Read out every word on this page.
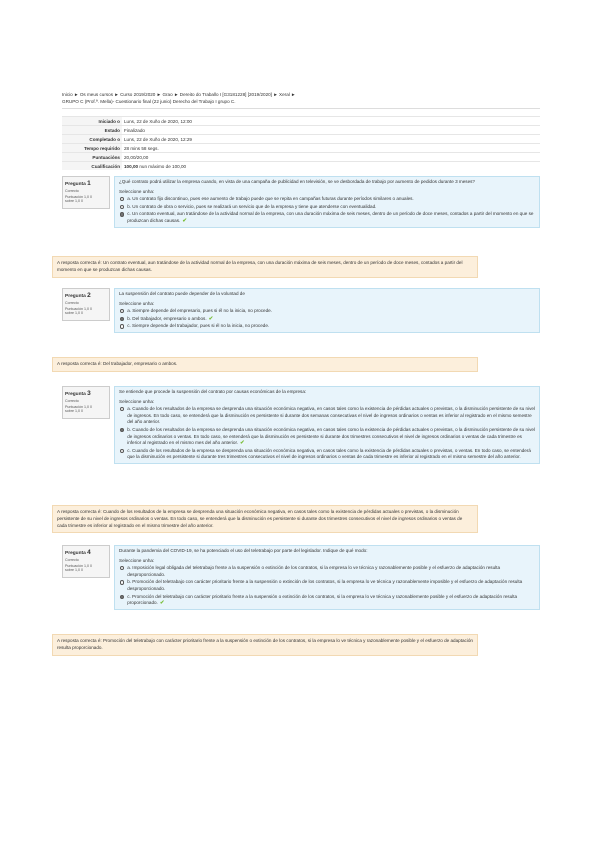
Inicio ► Os meus cursos ► Curso 2019/2020 ► Grao ► Dereito do Traballo I [G3181228] [2019/2020] ► Xeral ►
GRUPO C (Prof.ª. Mella)- Cuestionario final (22 junio) Derecho del Trabajo I grupo C.
Iniciado o	Luns, 22 de Xuño de 2020, 12:00
Estado	Finalizado
Completado o	Luns, 22 de Xuño de 2020, 12:29
Tempo requirido	28 mins 58 segs.
Puntuacións	20,00/20,00
Cualificación	100,00 nun máximo de 100,00
Pregunta 1
Correcto
Puntuación 1,0 0
sobre 1,0 0
¿Qué contrato podrá utilizar la empresa cuando, en vista de una campaña de publicidad en televisión, se ve desbordada de trabajo por aumento de pedidos durante 3 meses?
Seleccione unha:
a. Un contrato fijo discontinuo, pues ese aumento de trabajo puede que se repita en campañas futuras durante períodos similares o anuales.
b. Un contrato de obra o servicio, pues se realizará un servicio que de la empresa y tiene que atenderse con eventualidad.
c. Un contrato eventual, aun tratándose de la actividad normal de la empresa, con una duración máxima de seis meses, dentro de un período de doce meses, contados a partir del momento en que se produzcan dichas causas. ✔
A resposta correcta é: Un contrato eventual, aun tratándose de la actividad normal de la empresa, con una duración máxima de seis meses, dentro de un período de doce meses, contados a partir del momento en que se produzcan dichas causas.
Pregunta 2
Correcto
Puntuación 1,0 0
sobre 1,0 0
La suspensión del contrato puede depender de la voluntad de
Seleccione unha:
a. Siempre depende del empresario, pues si él no la inicia, no procede.
b. Del trabajador, empresario o ambos. ✔
c. Siempre depende del trabajador, pues si él no la inicia, no procede.
A resposta correcta é: Del trabajador, empresario o ambos.
Pregunta 3
Correcto
Puntuación 1,0 0
sobre 1,0 0
Se entiende que procede la suspensión del contrato por causas económicas de la empresa:
Seleccione unha:
a. Cuando de los resultados de la empresa se desprenda una situación económica negativa, en casos tales como la existencia de pérdidas actuales o previstas, o la disminución persistente de su nivel de ingresos. En todo caso, se entenderá que la disminución es persistente si durante dos semanas consecutivas el nivel de ingresos ordinarios o ventas es inferior al registrado en el mismo semestre del año anterior.
b. Cuando de los resultados de la empresa se desprenda una situación económica negativa, en casos tales como la existencia de pérdidas actuales o previstas, o la disminución persistente de su nivel de ingresos ordinarios o ventas. En todo caso, se entenderá que la disminución es persistente si durante dos trimestres consecutivos el nivel de ingresos ordinarios o ventas de cada trimestre es inferior al registrado en el mismo mes del año anterior. ✔
c. Cuando de los resultados de la empresa se desprenda una situación económica negativa, en casos tales como la existencia de pérdidas actuales o previstas, o ventas. En todo caso, se entenderá que la disminución es persistente si durante tres trimestres consecutivos el nivel de ingresos ordinarios o ventas de cada trimestre es inferior al registrado en el mismo semestre del año anterior.
A resposta correcta é: Cuando de los resultados de la empresa se desprenda una situación económica negativa, en casos tales como la existencia de pérdidas actuales o previstas, o la disminución persistente de su nivel de ingresos ordinarios o ventas. En todo caso, se entenderá que la disminución es persistente si durante dos trimestres consecutivos el nivel de ingresos ordinarios o ventas de cada trimestre es inferior al registrado en el mismo trimestre del año anterior.
Pregunta 4
Correcto
Puntuación 1,0 0
sobre 1,0 0
Durante la pandemia del COVID-19, se ha potenciado el uso del teletrabajo por parte del legislador. Indique de qué modo:
Seleccione unha:
a. Imposición legal obligada del teletrabajo frente a la suspensión o extinción de los contratos, si la empresa lo ve técnica y razonablemente posible y el esfuerzo de adaptación resulta desproporcionado.
b. Promoción del teletrabajo con carácter prioritario frente a la suspensión o extinción de los contratos, si la empresa lo ve técnica y razonablemente imposible y el esfuerzo de adaptación resulta desproporcionado.
c. Promoción del teletrabajo con carácter prioritario frente a la suspensión o extinción de los contratos, si la empresa lo ve técnica y razonablemente posible y el esfuerzo de adaptación resulta proporcionado. ✔
A resposta correcta é: Promoción del teletrabajo con carácter prioritario frente a la suspensión o extinción de los contratos, si la empresa lo ve técnica y razonablemente posible y el esfuerzo de adaptación resulta proporcionado.
